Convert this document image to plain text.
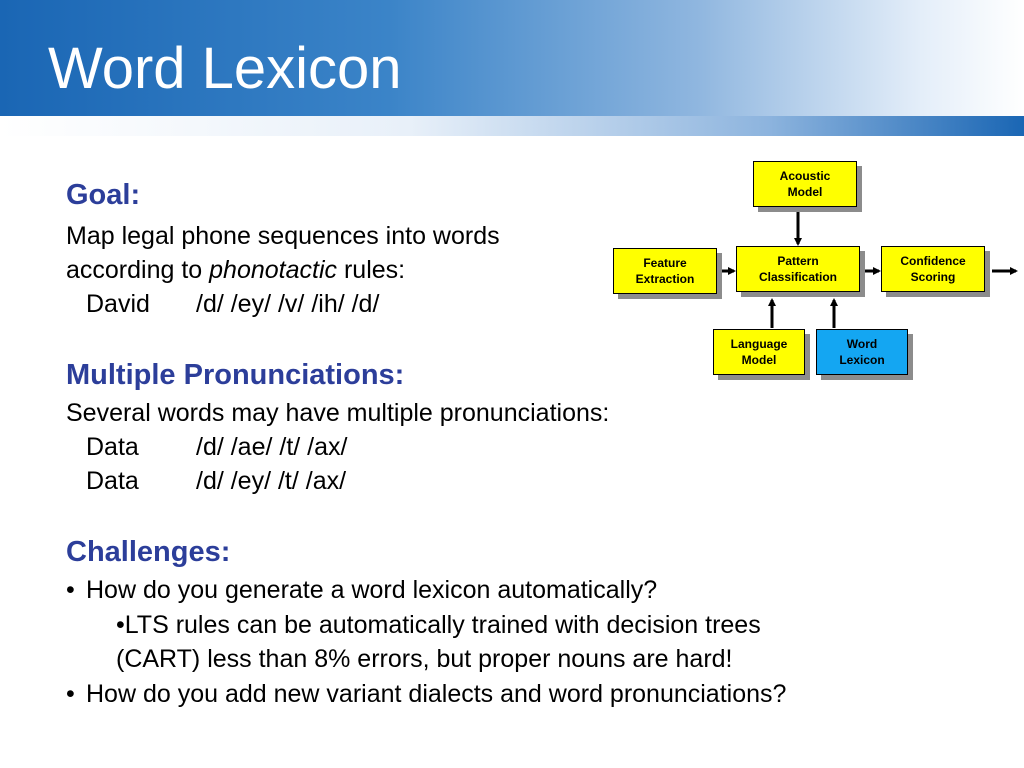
Word Lexicon
Goal:
Map legal phone sequences into words
according to phonotactic rules:
David /d/ /ey/ /v/ /ih/ /d/
Multiple Pronunciations:
Several words may have multiple pronunciations:
Data /d/ /ae/ /t/ /ax/
Data /d/ /ey/ /t/ /ax/
Challenges:
• How do you generate a word lexicon automatically?
•LTS rules can be automatically trained with decision trees
(CART) less than 8% errors, but proper nouns are hard!
• How do you add new variant dialects and word pronunciations?
Acoustic
Model
Feature
Extraction
Pattern
Classification
Confidence
Scoring
Language
Model
Word
Lexicon
